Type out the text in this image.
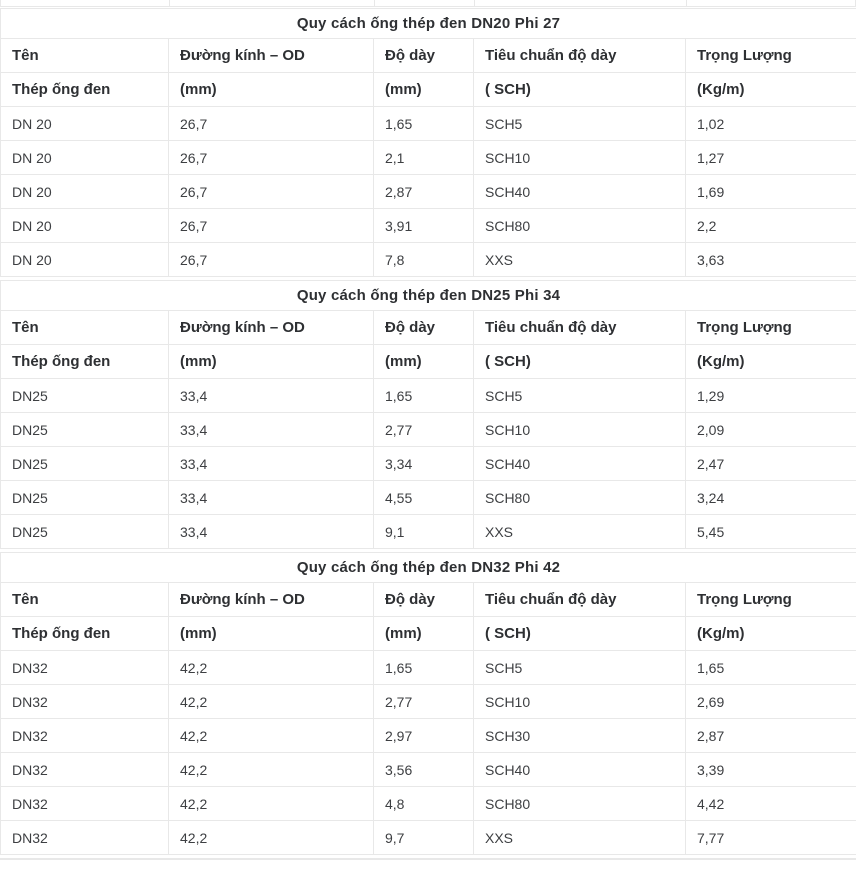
Quy cách ống thép đen DN20 Phi 27				
Tên	Đường kính – OD	Độ dày	Tiêu chuẩn độ dày	Trọng Lượng
Thép ống đen	(mm)	(mm)	( SCH)	(Kg/m)
DN 20	26,7	1,65	SCH5	1,02
DN 20	26,7	2,1	SCH10	1,27
DN 20	26,7	2,87	SCH40	1,69
DN 20	26,7	3,91	SCH80	2,2
DN 20	26,7	7,8	XXS	3,63
Quy cách ống thép đen DN25 Phi 34				
Tên	Đường kính – OD	Độ dày	Tiêu chuẩn độ dày	Trọng Lượng
Thép ống đen	(mm)	(mm)	( SCH)	(Kg/m)
DN25	33,4	1,65	SCH5	1,29
DN25	33,4	2,77	SCH10	2,09
DN25	33,4	3,34	SCH40	2,47
DN25	33,4	4,55	SCH80	3,24
DN25	33,4	9,1	XXS	5,45
Quy cách ống thép đen DN32 Phi 42				
Tên	Đường kính – OD	Độ dày	Tiêu chuẩn độ dày	Trọng Lượng
Thép ống đen	(mm)	(mm)	( SCH)	(Kg/m)
DN32	42,2	1,65	SCH5	1,65
DN32	42,2	2,77	SCH10	2,69
DN32	42,2	2,97	SCH30	2,87
DN32	42,2	3,56	SCH40	3,39
DN32	42,2	4,8	SCH80	4,42
DN32	42,2	9,7	XXS	7,77
